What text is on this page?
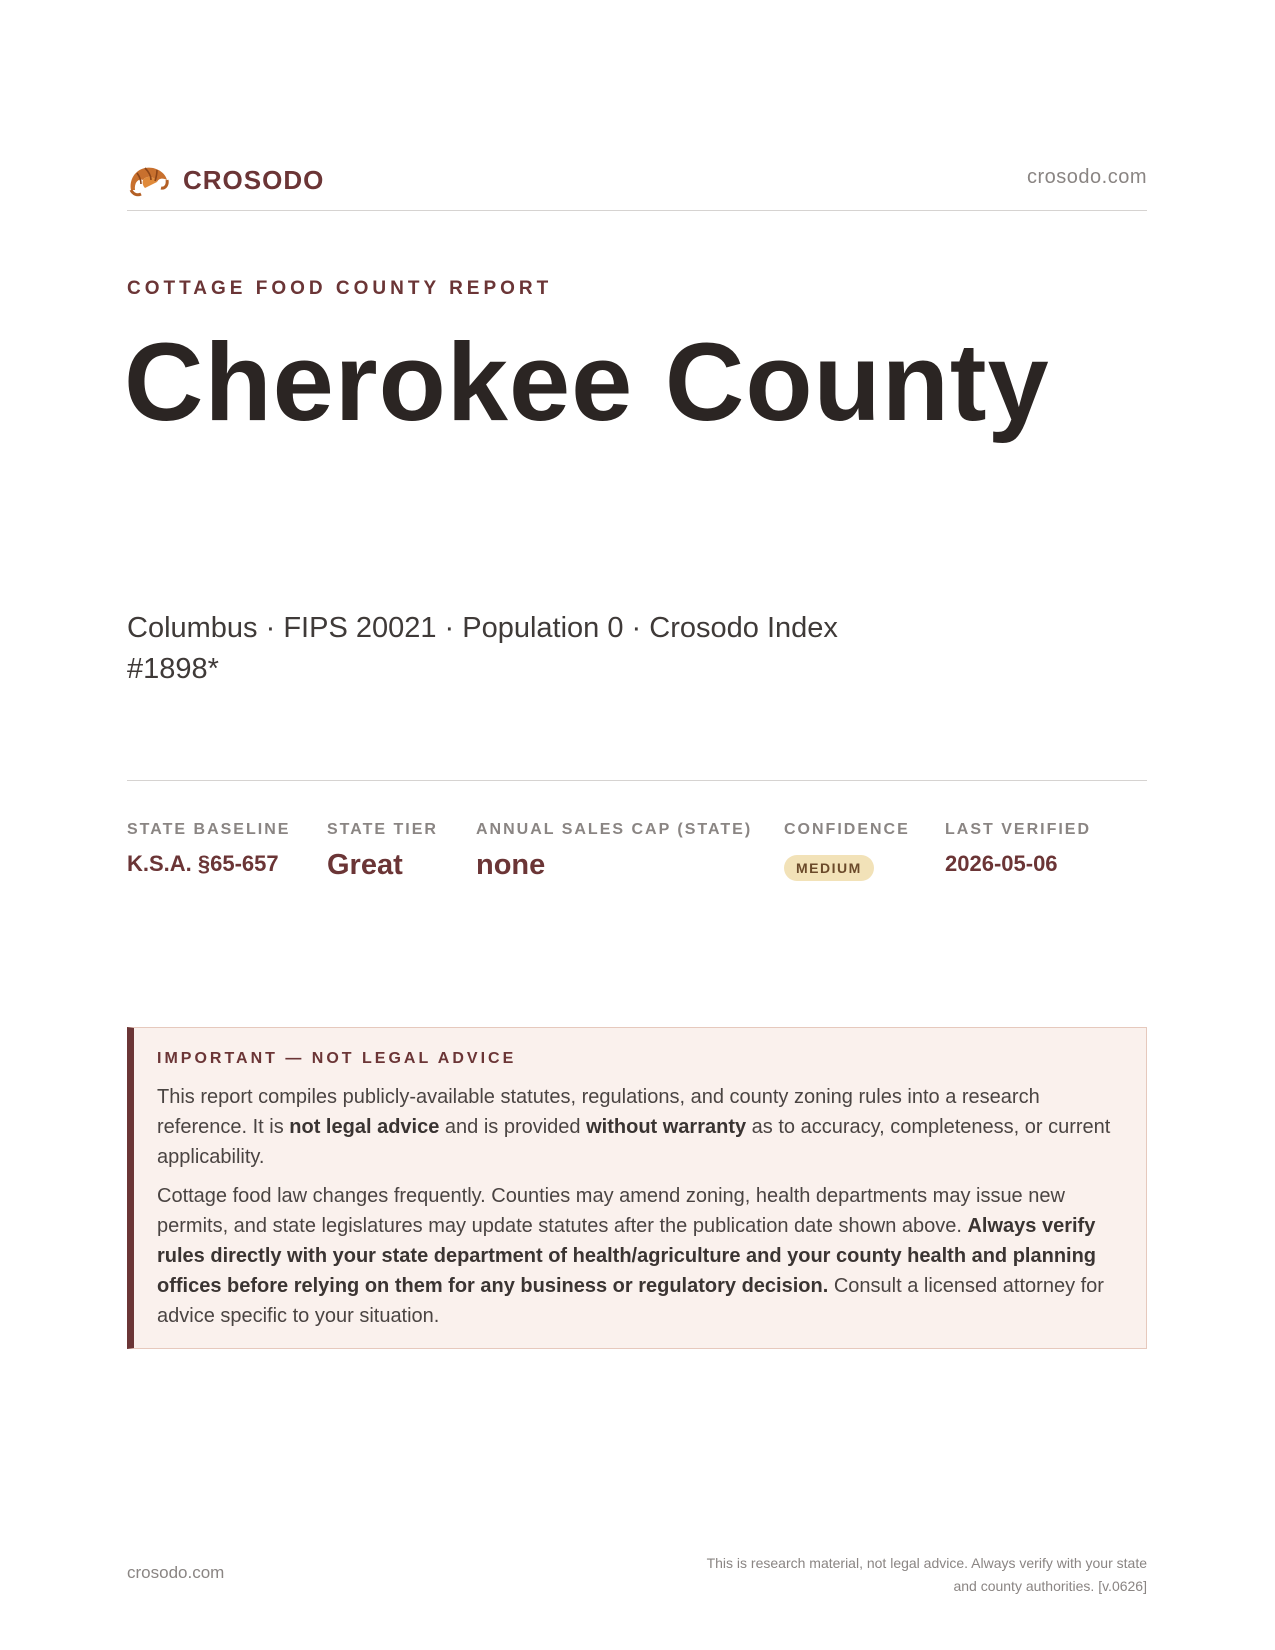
CROSODO	crosodo.com
COTTAGE FOOD COUNTY REPORT
Cherokee County
Columbus · FIPS 20021 · Population 0 · Crosodo Index #1898*
STATE BASELINE
K.S.A. §65-657
STATE TIER
Great
ANNUAL SALES CAP (STATE)
none
CONFIDENCE
MEDIUM
LAST VERIFIED
2026-05-06
IMPORTANT — NOT LEGAL ADVICE

This report compiles publicly-available statutes, regulations, and county zoning rules into a research reference. It is not legal advice and is provided without warranty as to accuracy, completeness, or current applicability.

Cottage food law changes frequently. Counties may amend zoning, health departments may issue new permits, and state legislatures may update statutes after the publication date shown above. Always verify rules directly with your state department of health/agriculture and your county health and planning offices before relying on them for any business or regulatory decision. Consult a licensed attorney for advice specific to your situation.

crosodo.com	This is research material, not legal advice. Always verify with your state
and county authorities. [v.0626]
